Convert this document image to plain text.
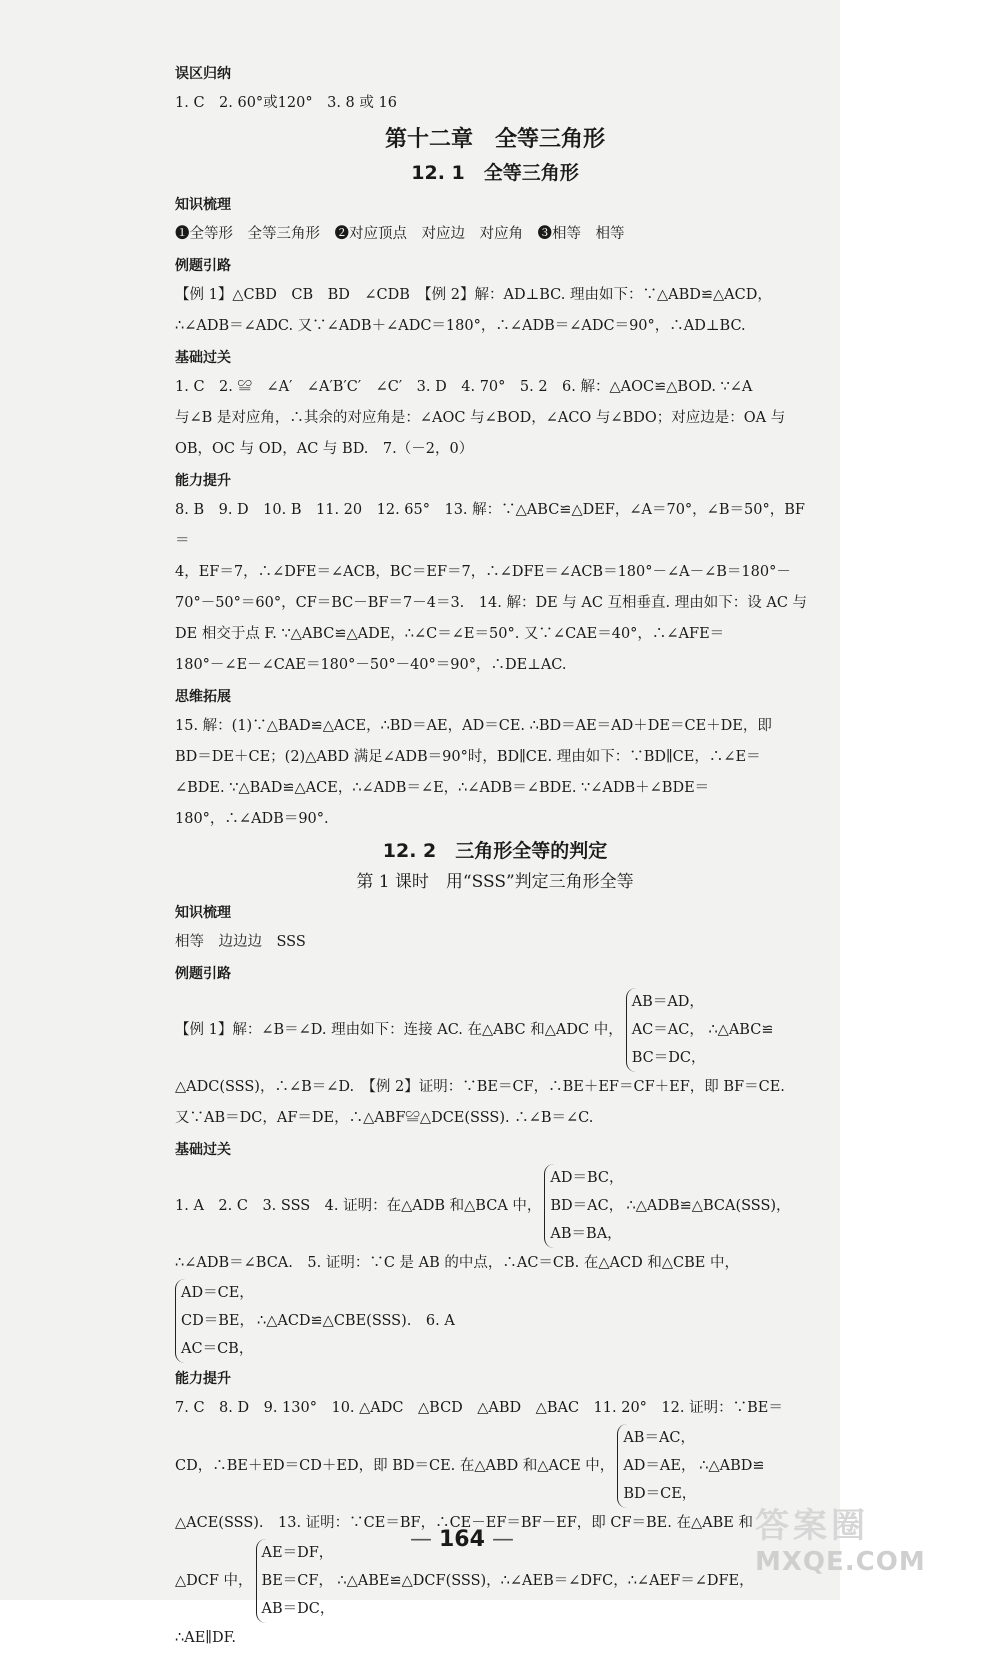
误区归纳

1. C　2. 60°或120°　3. 8 或 16

第十二章　全等三角形
12. 1　全等三角形
知识梳理

❶全等形　全等三角形　❷对应顶点　对应边　对应角　❸相等　相等

例题引路

【例 1】△CBD　CB　BD　∠CDB　【例 2】解：AD⊥BC. 理由如下：∵△ABD≌△ACD，

∴∠ADB＝∠ADC. 又∵∠ADB＋∠ADC＝180°，∴∠ADB＝∠ADC＝90°，∴AD⊥BC.

基础过关

1. C　2. ≌　∠A′　∠A′B′C′　∠C′　3. D　4. 70°　5. 2　6. 解：△AOC≌△BOD. ∵∠A

与∠B 是对应角，∴其余的对应角是：∠AOC 与∠BOD，∠ACO 与∠BDO；对应边是：OA 与

OB，OC 与 OD，AC 与 BD.　7.（－2，0）

能力提升

8. B　9. D　10. B　11. 20　12. 65°　13. 解：∵△ABC≌△DEF，∠A＝70°，∠B＝50°，BF＝

4，EF＝7，∴∠DFE＝∠ACB，BC＝EF＝7，∴∠DFE＝∠ACB＝180°－∠A－∠B＝180°－

70°－50°＝60°，CF＝BC－BF＝7－4＝3.　14. 解：DE 与 AC 互相垂直. 理由如下：设 AC 与

DE 相交于点 F. ∵△ABC≌△ADE，∴∠C＝∠E＝50°. 又∵∠CAE＝40°，∴∠AFE＝

180°－∠E－∠CAE＝180°－50°－40°＝90°，∴DE⊥AC.

思维拓展

15. 解：(1)∵△BAD≌△ACE，∴BD＝AE，AD＝CE. ∴BD＝AE＝AD＋DE＝CE＋DE，即

BD＝DE＋CE；(2)△ABD 满足∠ADB＝90°时，BD∥CE. 理由如下：∵BD∥CE，∴∠E＝

∠BDE. ∵△BAD≌△ACE，∴∠ADB＝∠E，∴∠ADB＝∠BDE. ∵∠ADB＋∠BDE＝

180°，∴∠ADB＝90°.

12. 2　三角形全等的判定
第 1 课时　用“SSS”判定三角形全等
知识梳理

相等　边边边　SSS

例题引路
【例 1】解：∠B＝∠D. 理由如下：连接 AC. 在△ABC 和△ADC 中，
AB＝AD，
AC＝AC，
BC＝DC，
∴△ABC≌

△ADC(SSS)，∴∠B＝∠D.　【例 2】证明：∵BE＝CF，∴BE＋EF＝CF＋EF，即 BF＝CE.

又∵AB＝DC，AF＝DE，∴△ABF≌△DCE(SSS). ∴∠B＝∠C.

基础过关
1. A　2. C　3. SSS　4. 证明：在△ADB 和△BCA 中，
AD＝BC，
BD＝AC，
AB＝BA，
∴△ADB≌△BCA(SSS)，

∴∠ADB＝∠BCA.　5. 证明：∵C 是 AB 的中点，∴AC＝CB. 在△ACD 和△CBE 中，

AD＝CE，
CD＝BE，
AC＝CB，
∴△ACD≌△CBE(SSS).　6. A
能力提升

7. C　8. D　9. 130°　10. △ADC　△BCD　△ABD　△BAC　11. 20°　12. 证明：∵BE＝

CD，∴BE＋ED＝CD＋ED，即 BD＝CE. 在△ABD 和△ACE 中，
AB＝AC，
AD＝AE，
BD＝CE，
∴△ABD≌

△ACE(SSS).　13. 证明：∵CE＝BF，∴CE－EF＝BF－EF，即 CF＝BE. 在△ABE 和

△DCF 中，
AE＝DF，
BE＝CF，
AB＝DC，
∴△ABE≌△DCF(SSS)，∴∠AEB＝∠DFC，∴∠AEF＝∠DFE，

∴AE∥DF.

— 164 —	答案圈
MXQE.COM
